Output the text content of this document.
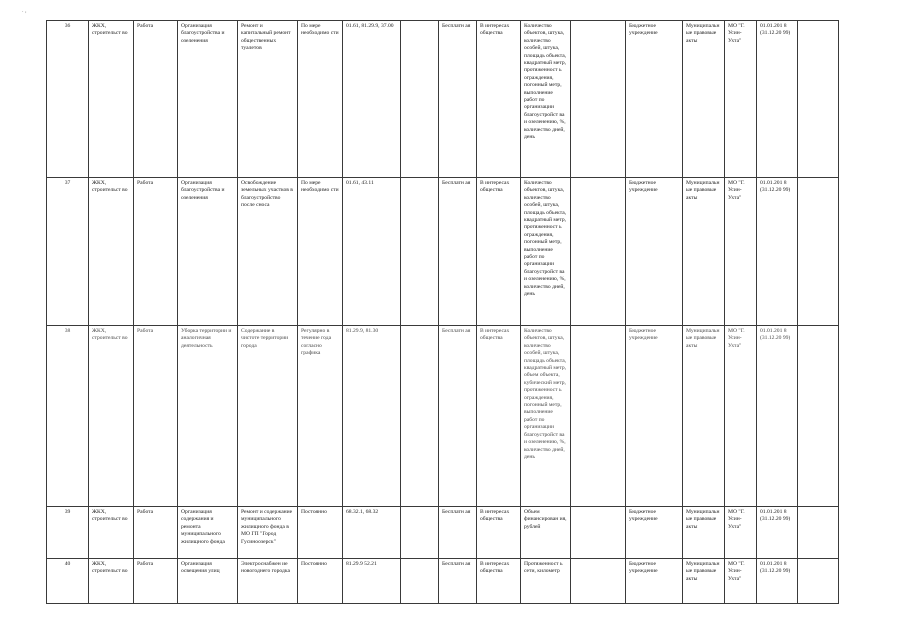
. ,
36	ЖКХ, строительст во	Работа	Организация благоустройства и озеленения	Ремонт и капитальный ремонт общественных туалетов	По мере необходимо сти	01.61, 81.29.9, 37.00		Бесплатн ая	В интересах общества	Количество объектов, штука, количество особей, штука, площадь объекта, квадратный метр, протяженност ь ограждения, погонный метр, выполнение работ по организации благоустройст ва и озеленению, %, количество дней, день		Бюджетное учреждение	Муниципальные правовые акты	МО "Г. Усин-Ухта"	01.01.201 8 (31.12.20 99)	
37	ЖКХ, строительст во	Работа	Организация благоустройства и озеленения	Освобождение земельных участков в благоустройство после сноса	По мере необходимо сти	01.61, 43.11		Бесплатн ая	В интересах общества	Количество объектов, штука, количество особей, штука, площадь объекта, квадратный метр, протяженност ь ограждения, погонный метр, выполнение работ по организации благоустройст ва и озеленению, %, количество дней, день		Бюджетное учреждение	Муниципальные правовые акты	МО "Г. Усин-Ухта"	01.01.201 8 (31.12.20 99)	
38	ЖКХ, строительст во	Работа	Уборка территории и аналогичная деятельность	Содержание в чистоте территории города	Регулярно в течение года согласно графика	81.29.9, 81.30		Бесплатн ая	В интересах общества	Количество объектов, штука, количество особей, штука, площадь объекта, квадратный метр, объем объекта, кубический метр, протяженност ь ограждения, погонный метр, выполнение работ по организации благоустройст ва и озеленению, %, количество дней, день		Бюджетное учреждение	Муниципальные правовые акты	МО "Г. Усин-Ухта"	01.01.201 8 (31.12.20 99)	
39	ЖКХ, строительст во	Работа	Организация содержания и ремонта муниципального жилищного фонда	Ремонт и содержание муниципального жилищного фонда в МО ГП "Город Гусиноозерск"	Постоянно	68.32.1, 68.32		Бесплатн ая	В интересах общества	Объем финансирован ия, рублей		Бюджетное учреждение	Муниципальные правовые акты	МО "Г. Усин-Ухта"	01.01.201 8 (31.12.20 99)	
40	ЖКХ, строительст во	Работа	Организация освещения улиц	Электроснабжен ие новогоднего городка	Постоянно	81.29.9 52.21		Бесплатн ая	В интересах общества	Протяженност ь сети, километр		Бюджетное учреждение	Муниципальные правовые акты	МО "Г. Усин-Ухта"	01.01.201 8 (31.12.20 99)	
